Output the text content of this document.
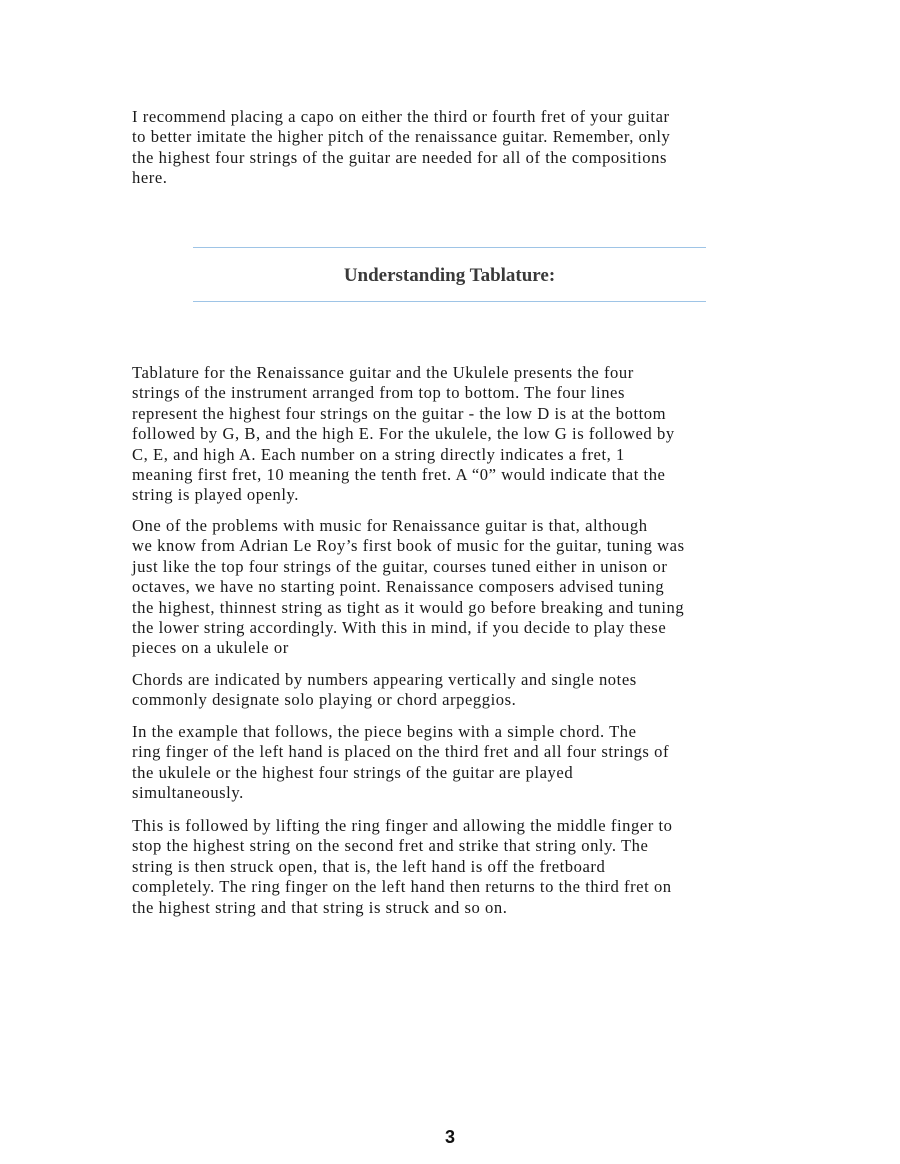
I recommend placing a capo on either the third or fourth fret of your guitar
to better imitate the higher pitch of the renaissance guitar. Remember, only
the highest four strings of the guitar are needed for all of the compositions
here.

Understanding Tablature:

Tablature for the Renaissance guitar and the Ukulele presents the four
strings of the instrument arranged from top to bottom. The four lines
represent the highest four strings on the guitar - the low D is at the bottom
followed by G, B, and the high E. For the ukulele, the low G is followed by
C, E, and high A. Each number on a string directly indicates a fret, 1
meaning first fret, 10 meaning the tenth fret. A “0” would indicate that the
string is played openly.

One of the problems with music for Renaissance guitar is that, although
we know from Adrian Le Roy’s first book of music for the guitar, tuning was
just like the top four strings of the guitar, courses tuned either in unison or
octaves, we have no starting point. Renaissance composers advised tuning
the highest, thinnest string as tight as it would go before breaking and tuning
the lower string accordingly. With this in mind, if you decide to play these
pieces on a ukulele or

Chords are indicated by numbers appearing vertically and single notes
commonly designate solo playing or chord arpeggios.

In the example that follows, the piece begins with a simple chord. The
ring finger of the left hand is placed on the third fret and all four strings of
the ukulele or the highest four strings of the guitar are played
simultaneously.

This is followed by lifting the ring finger and allowing the middle finger to
stop the highest string on the second fret and strike that string only. The
string is then struck open, that is, the left hand is off the fretboard
completely. The ring finger on the left hand then returns to the third fret on
the highest string and that string is struck and so on.

3
